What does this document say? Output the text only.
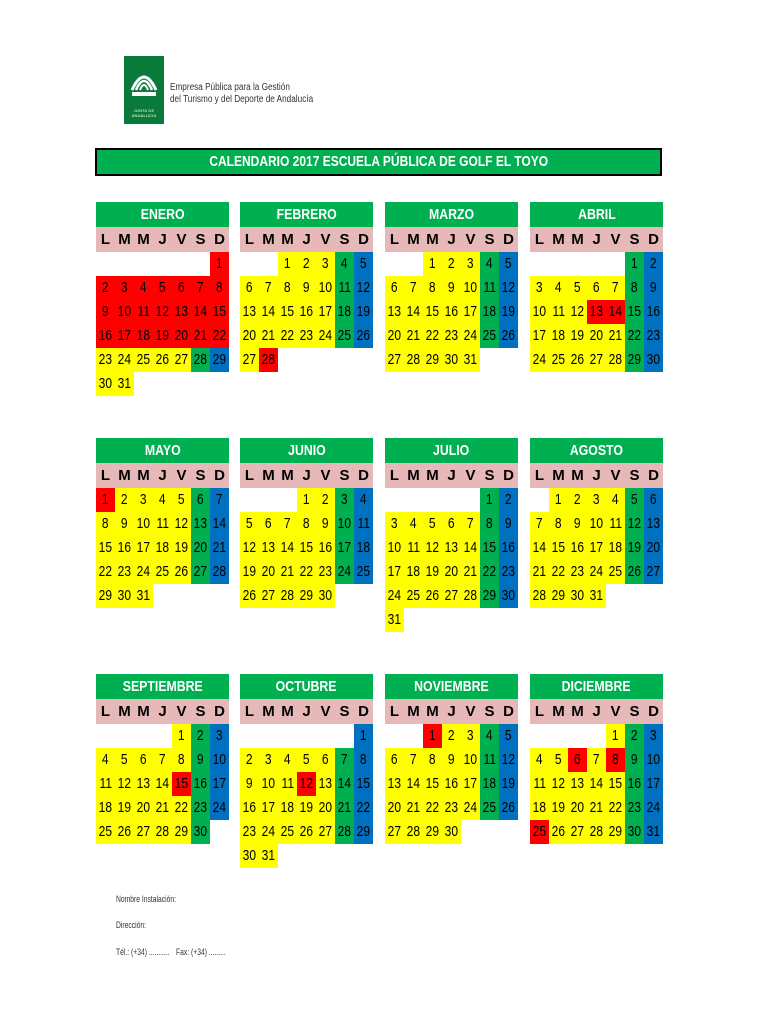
JUNTA DE ANDALUCIA
Empresa Pública para la Gestión
del Turismo y del Deporte de Andalucía
CALENDARIO 2017 ESCUELA PÚBLICA DE GOLF EL TOYO
ENERO
L M M J V S D
1
2 3 4 5 6 7 8
9 10 11 12 13 14 15
16 17 18 19 20 21 22
23 24 25 26 27 28 29
30 31
FEBRERO
L M M J V S D
1 2 3 4 5
6 7 8 9 10 11 12
13 14 15 16 17 18 19
20 21 22 23 24 25 26
27 28
MARZO
L M M J V S D
1 2 3 4 5
6 7 8 9 10 11 12
13 14 15 16 17 18 19
20 21 22 23 24 25 26
27 28 29 30 31
ABRIL
L M M J V S D
1 2
3 4 5 6 7 8 9
10 11 12 13 14 15 16
17 18 19 20 21 22 23
24 25 26 27 28 29 30
MAYO
L M M J V S D
1 2 3 4 5 6 7
8 9 10 11 12 13 14
15 16 17 18 19 20 21
22 23 24 25 26 27 28
29 30 31
JUNIO
L M M J V S D
1 2 3 4
5 6 7 8 9 10 11
12 13 14 15 16 17 18
19 20 21 22 23 24 25
26 27 28 29 30
JULIO
L M M J V S D
1 2
3 4 5 6 7 8 9
10 11 12 13 14 15 16
17 18 19 20 21 22 23
24 25 26 27 28 29 30
31
AGOSTO
L M M J V S D
1 2 3 4 5 6
7 8 9 10 11 12 13
14 15 16 17 18 19 20
21 22 23 24 25 26 27
28 29 30 31
SEPTIEMBRE
L M M J V S D
1 2 3
4 5 6 7 8 9 10
11 12 13 14 15 16 17
18 19 20 21 22 23 24
25 26 27 28 29 30
OCTUBRE
L M M J V S D
1
2 3 4 5 6 7 8
9 10 11 12 13 14 15
16 17 18 19 20 21 22
23 24 25 26 27 28 29
30 31
NOVIEMBRE
L M M J V S D
1 2 3 4 5
6 7 8 9 10 11 12
13 14 15 16 17 18 19
20 21 22 23 24 25 26
27 28 29 30
DICIEMBRE
L M M J V S D
1 2 3
4 5 6 7 8 9 10
11 12 13 14 15 16 17
18 19 20 21 22 23 24
25 26 27 28 29 30 31
Nombre Instalación:
Dirección:
Tél.: (+34) ........... Fax: (+34) .........
